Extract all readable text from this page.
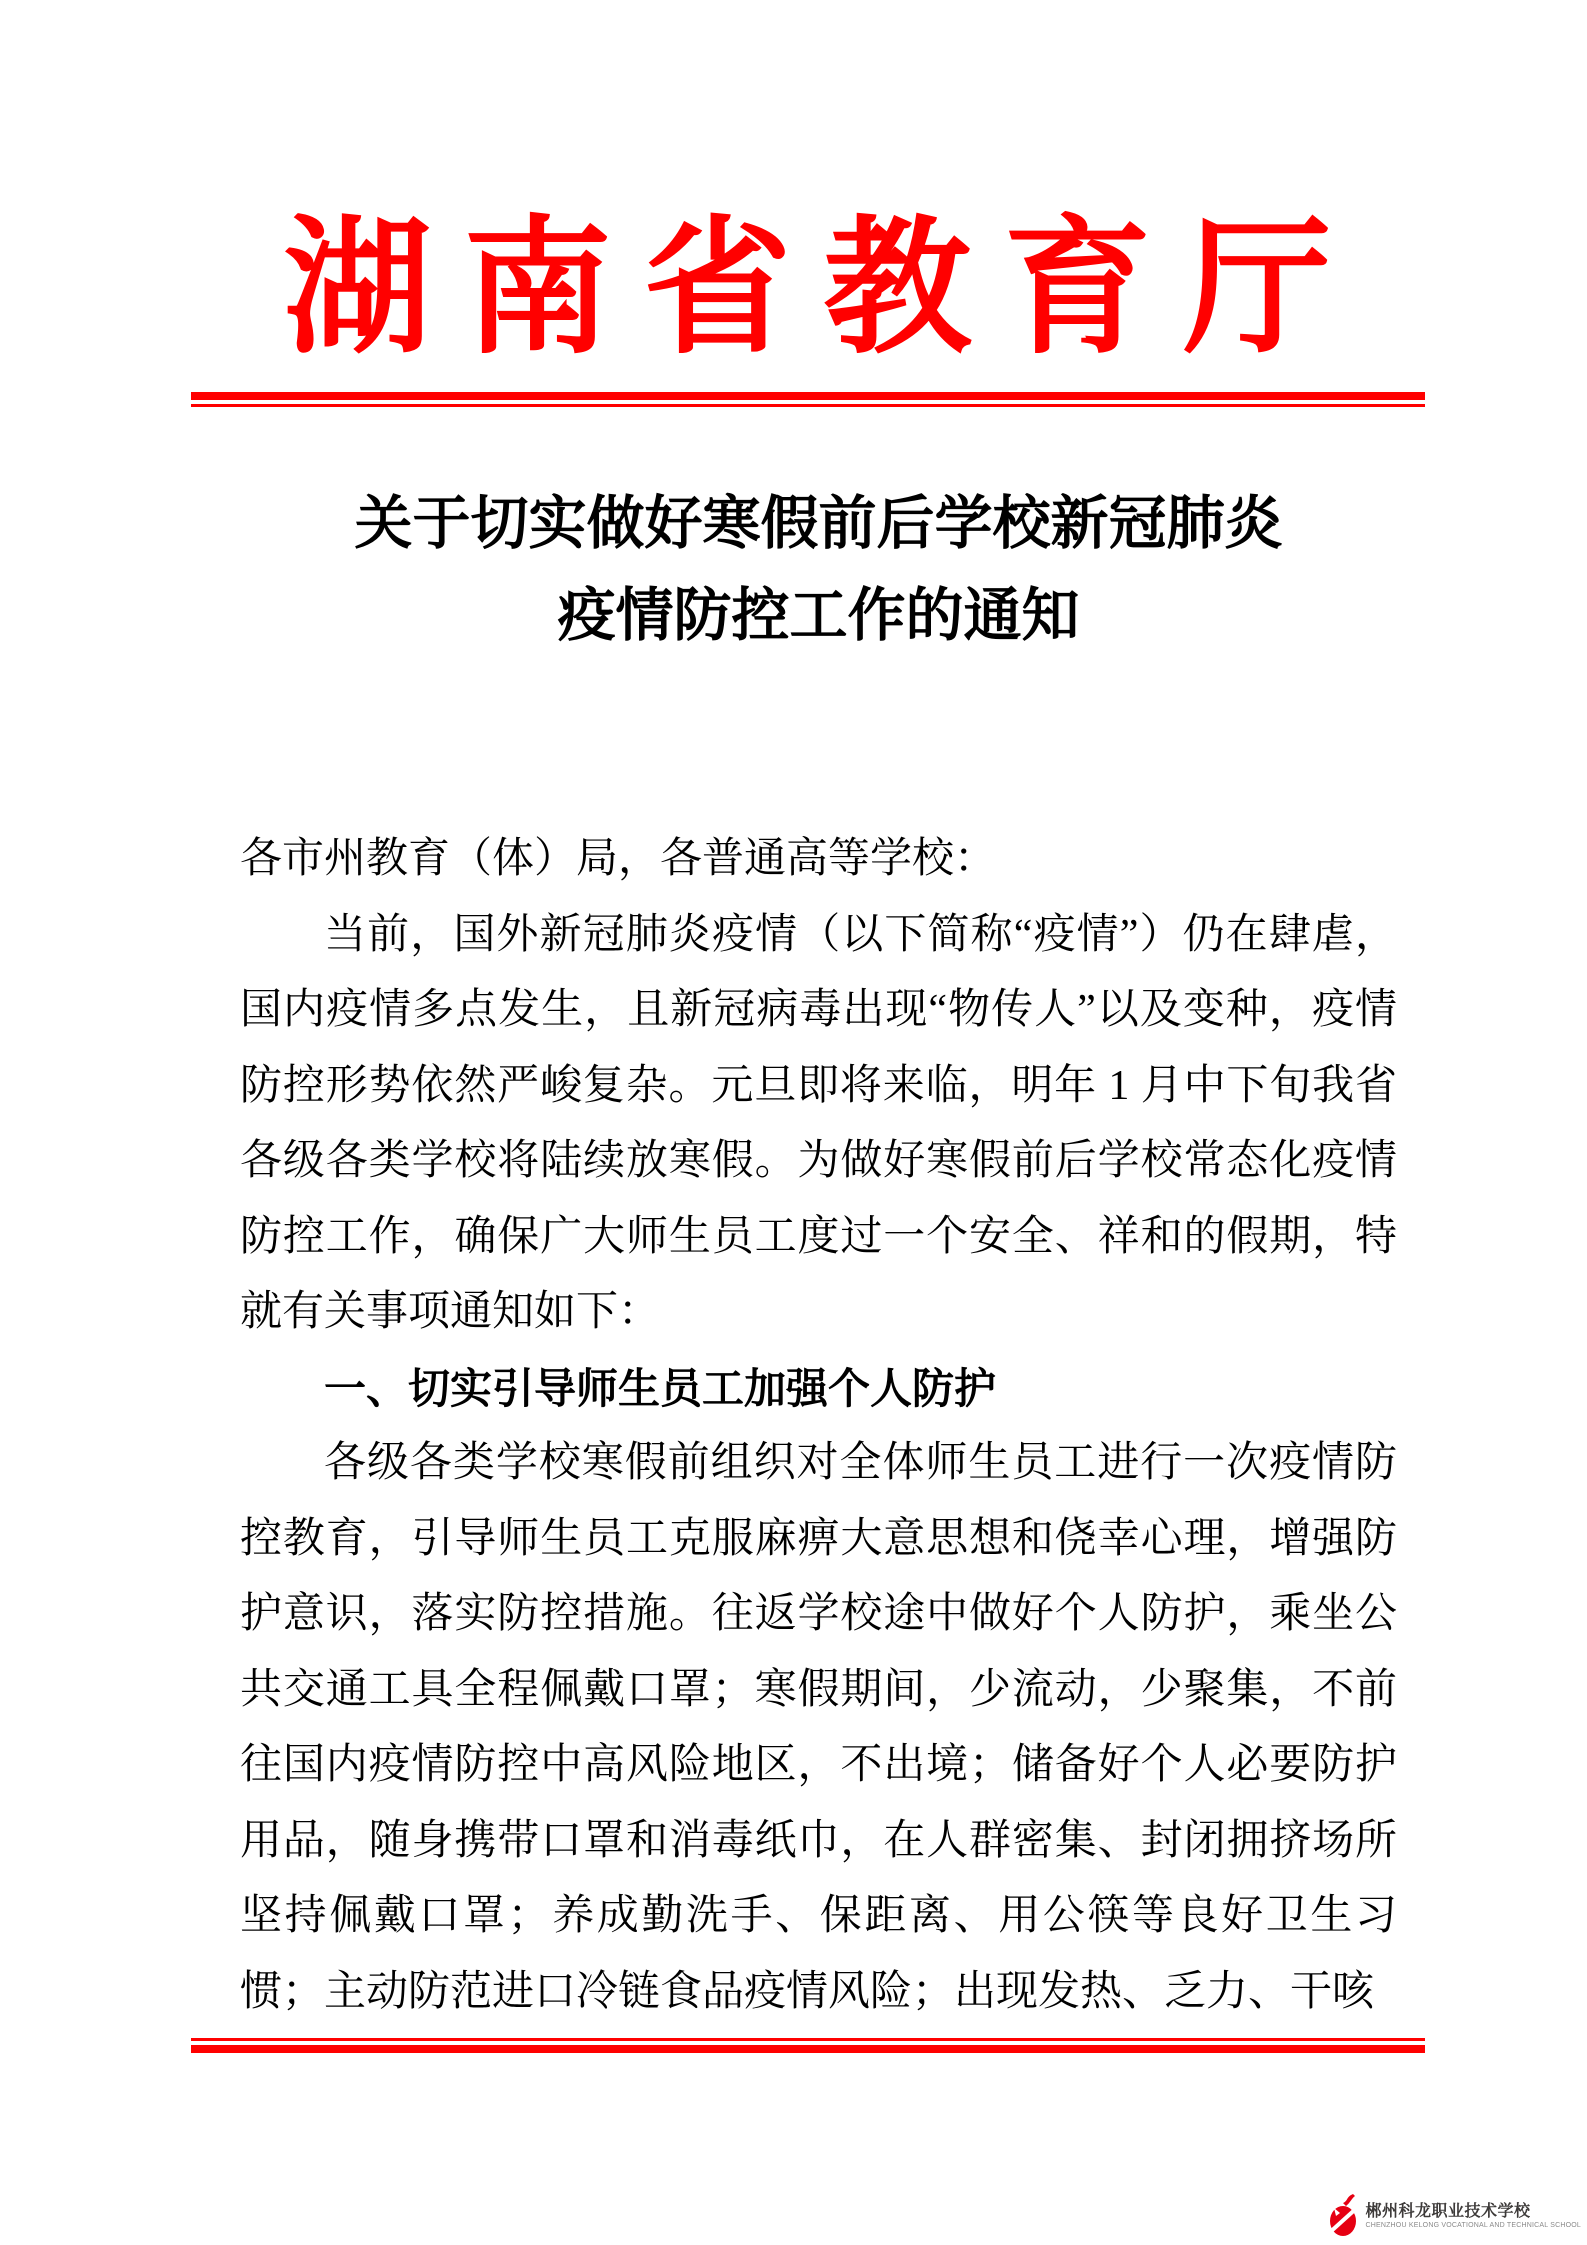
湖南省教育厅
关于切实做好寒假前后学校新冠肺炎
疫情防控工作的通知

各市州教育（体）局，各普通高等学校：

当前，国外新冠肺炎疫情（以下简称“疫情”）仍在肆虐，国内疫情多点发生，且新冠病毒出现“物传人”以及变种，疫情防控形势依然严峻复杂。元旦即将来临，明年 1 月中下旬我省各级各类学校将陆续放寒假。为做好寒假前后学校常态化疫情防控工作，确保广大师生员工度过一个安全、祥和的假期，特就有关事项通知如下：

一、切实引导师生员工加强个人防护

各级各类学校寒假前组织对全体师生员工进行一次疫情防控教育，引导师生员工克服麻痹大意思想和侥幸心理，增强防护意识，落实防控措施。往返学校途中做好个人防护，乘坐公共交通工具全程佩戴口罩；寒假期间，少流动，少聚集，不前往国内疫情防控中高风险地区，不出境；储备好个人必要防护用品，随身携带口罩和消毒纸巾，在人群密集、封闭拥挤场所坚持佩戴口罩；养成勤洗手、保距离、用公筷等良好卫生习惯；主动防范进口冷链食品疫情风险；出现发热、乏力、干咳

郴州科龙职业技术学校
CHENZHOU KELONG VOCATIONAL AND TECHNICAL SCHOOL
